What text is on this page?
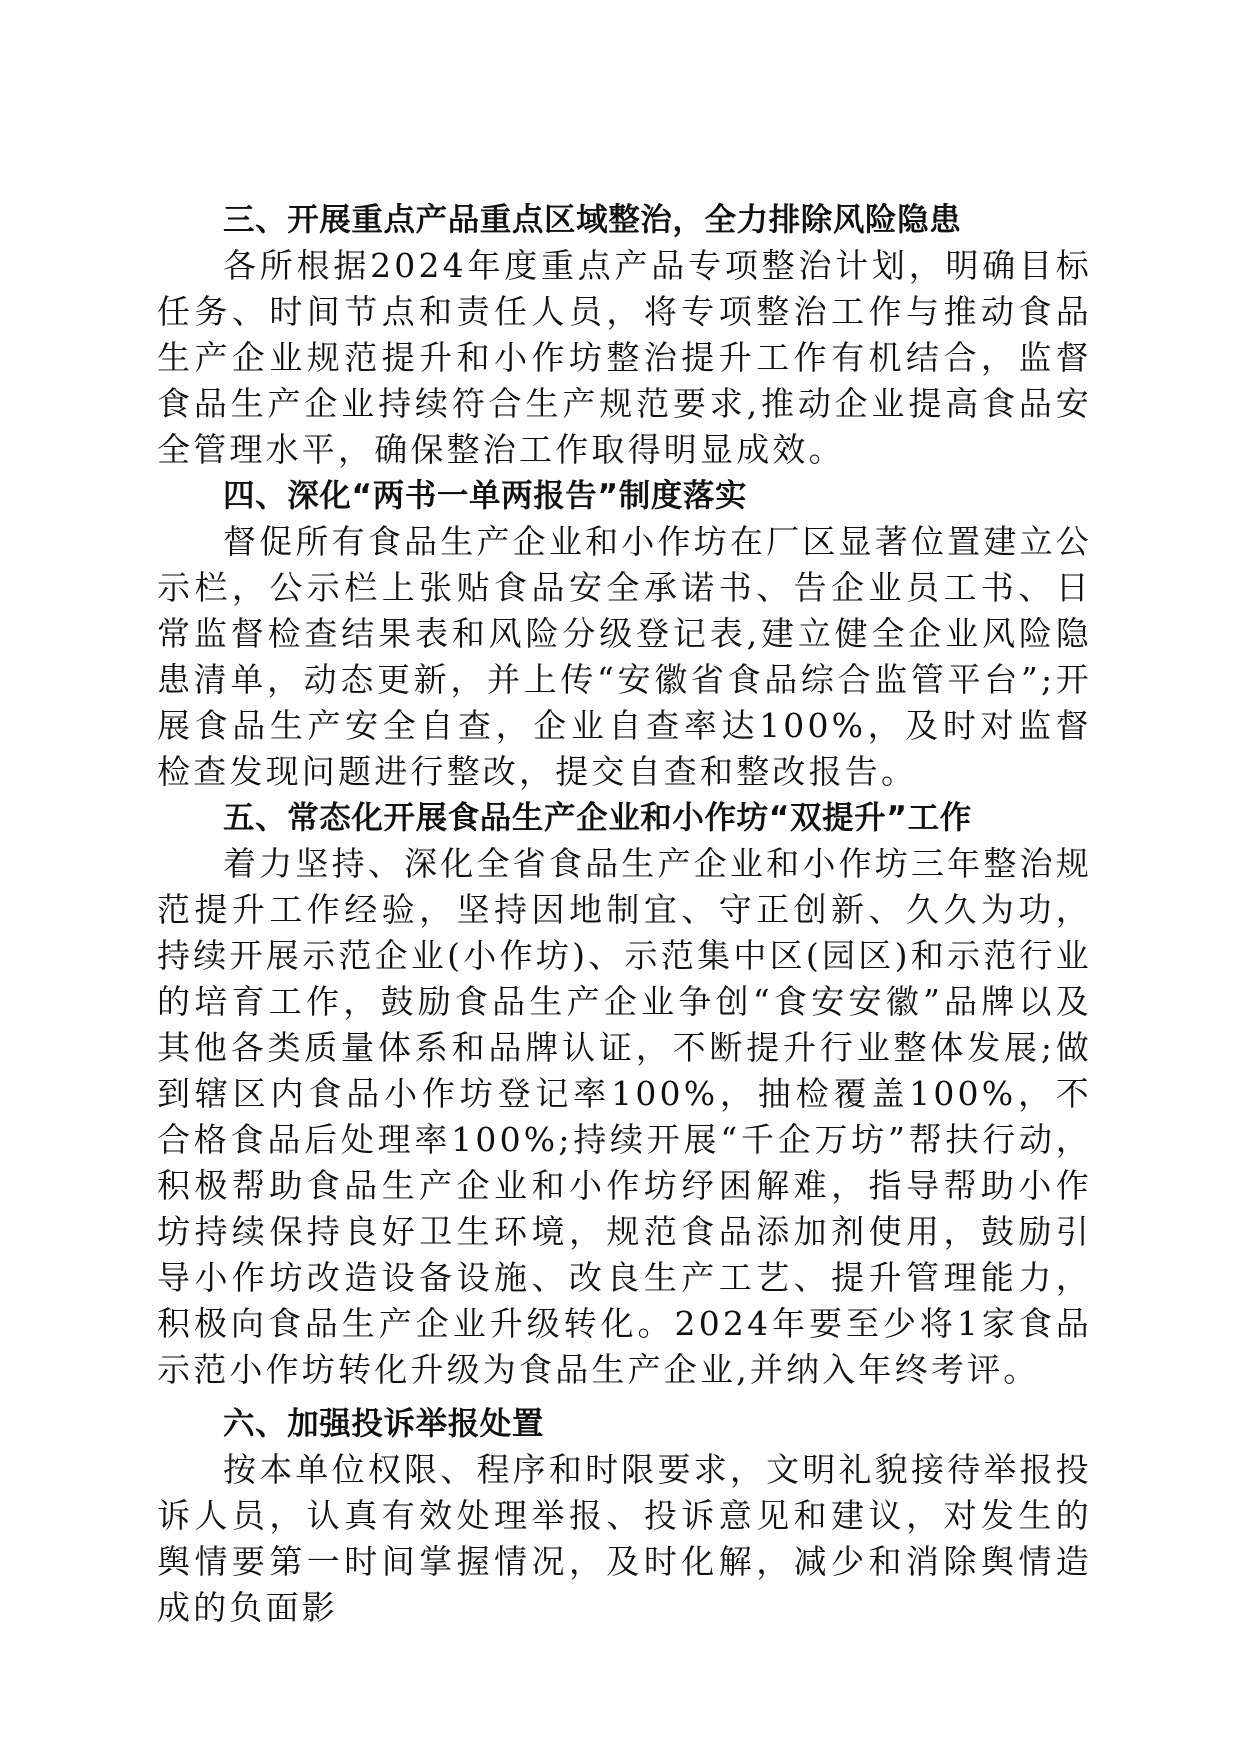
三、开展重点产品重点区域整治，全力排除风险隐患

各所根据2024年度重点产品专项整治计划，明确目标任务、时间节点和责任人员，将专项整治工作与推动食品生产企业规范提升和小作坊整治提升工作有机结合，监督食品生产企业持续符合生产规范要求,推动企业提高食品安全管理水平，确保整治工作取得明显成效。

四、深化“两书一单两报告”制度落实

督促所有食品生产企业和小作坊在厂区显著位置建立公示栏，公示栏上张贴食品安全承诺书、告企业员工书、日常监督检查结果表和风险分级登记表,建立健全企业风险隐患清单，动态更新，并上传“安徽省食品综合监管平台”;开展食品生产安全自查，企业自查率达100%，及时对监督检查发现问题进行整改，提交自查和整改报告。

五、常态化开展食品生产企业和小作坊“双提升”工作

着力坚持、深化全省食品生产企业和小作坊三年整治规范提升工作经验，坚持因地制宜、守正创新、久久为功，持续开展示范企业(小作坊)、示范集中区(园区)和示范行业的培育工作，鼓励食品生产企业争创“食安安徽”品牌以及其他各类质量体系和品牌认证，不断提升行业整体发展;做到辖区内食品小作坊登记率100%，抽检覆盖100%，不合格食品后处理率100%;持续开展“千企万坊”帮扶行动，积极帮助食品生产企业和小作坊纾困解难，指导帮助小作坊持续保持良好卫生环境，规范食品添加剂使用，鼓励引导小作坊改造设备设施、改良生产工艺、提升管理能力，积极向食品生产企业升级转化。2024年要至少将1家食品示范小作坊转化升级为食品生产企业,并纳入年终考评。

六、加强投诉举报处置

按本单位权限、程序和时限要求，文明礼貌接待举报投诉人员，认真有效处理举报、投诉意见和建议，对发生的舆情要第一时间掌握情况，及时化解，减少和消除舆情造成的负面影
